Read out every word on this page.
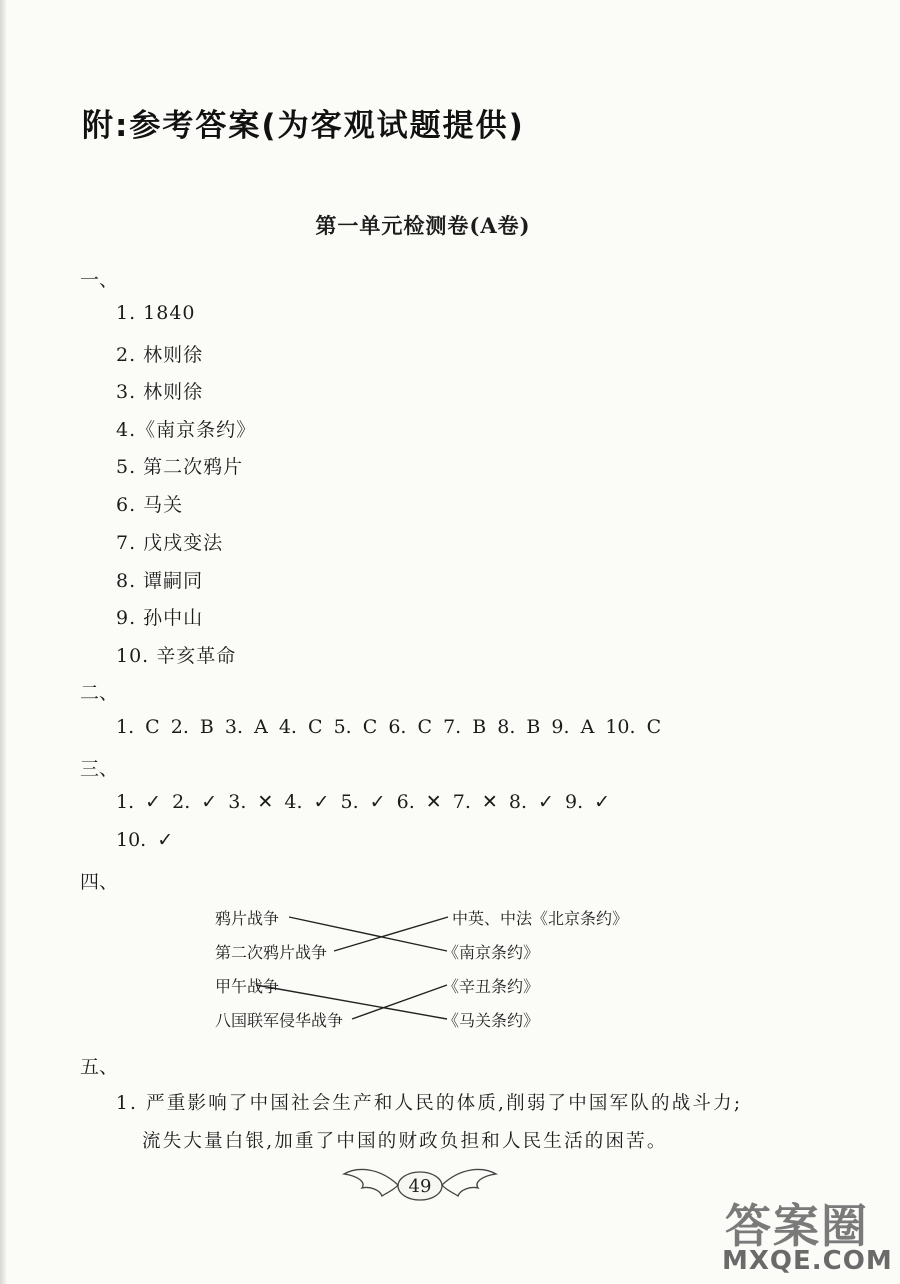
附:参考答案(为客观试题提供)
第一单元检测卷(A卷)
一、
1. 1840
2. 林则徐
3. 林则徐
4.《南京条约》
5. 第二次鸦片
6. 马关
7. 戊戌变法
8. 谭嗣同
9. 孙中山
10. 辛亥革命
二、
1. C 2. B 3. A 4. C 5. C 6. C 7. B 8. B 9. A 10. C
三、
1. ✓ 2. ✓ 3. ✕ 4. ✓ 5. ✓ 6. ✕ 7. ✕ 8. ✓ 9. ✓
10. ✓
四、
鸦片战争
第二次鸦片战争
甲午战争
八国联军侵华战争
中英、中法《北京条约》
《南京条约》
《辛丑条约》
《马关条约》
五、
1. 严重影响了中国社会生产和人民的体质,削弱了中国军队的战斗力;
流失大量白银,加重了中国的财政负担和人民生活的困苦。
49
答案圈
MXQE.COM
